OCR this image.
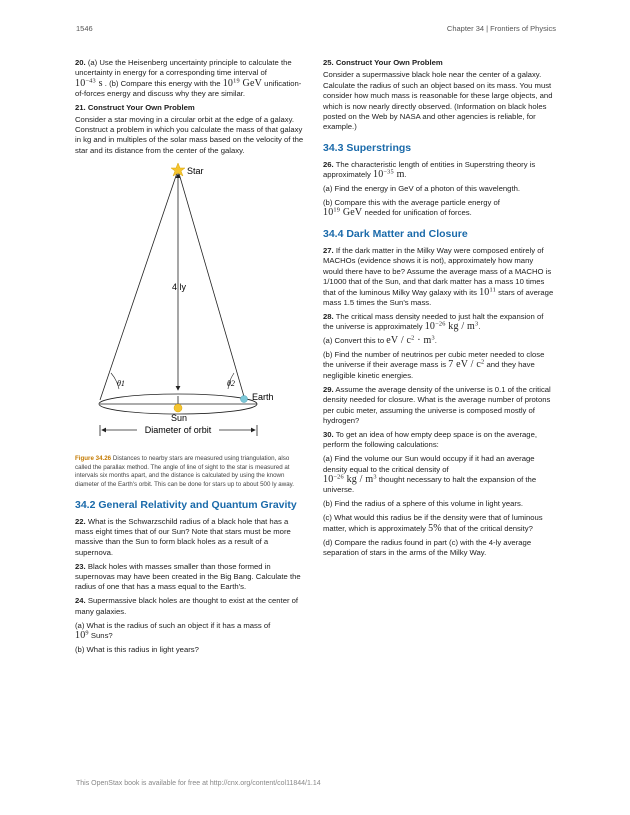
1546	Chapter 34 | Frontiers of Physics

20. (a) Use the Heisenberg uncertainty principle to calculate the uncertainty in energy for a corresponding time interval of
$10^{-43}$ s . (b) Compare this energy with the $10^{19}$ GeV unification-of-forces energy and discuss why they are similar.

21. Construct Your Own Problem

Consider a star moving in a circular orbit at the edge of a galaxy. Construct a problem in which you calculate the mass of that galaxy in kg and in multiples of the solar mass based on the velocity of the star and its distance from the center of the galaxy.

Star
4 ly
θ1	θ2
Earth
Sun
Diameter of orbit

Figure 34.26 Distances to nearby stars are measured using triangulation, also called the parallax method. The angle of line of sight to the star is measured at intervals six months apart, and the distance is calculated by using the known diameter of the Earth's orbit. This can be done for stars up to about 500 ly away.

34.2 General Relativity and Quantum Gravity

22. What is the Schwarzschild radius of a black hole that has a mass eight times that of our Sun? Note that stars must be more massive than the Sun to form black holes as a result of a supernova.

23. Black holes with masses smaller than those formed in supernovas may have been created in the Big Bang. Calculate the radius of one that has a mass equal to the Earth's.

24. Supermassive black holes are thought to exist at the center of many galaxies.

(a) What is the radius of such an object if it has a mass of
$10^9$ Suns?

(b) What is this radius in light years?

25. Construct Your Own Problem

Consider a supermassive black hole near the center of a galaxy. Calculate the radius of such an object based on its mass. You must consider how much mass is reasonable for these large objects, and which is now nearly directly observed. (Information on black holes posted on the Web by NASA and other agencies is reliable, for example.)

34.3 Superstrings

26. The characteristic length of entities in Superstring theory is approximately $10^{-35}$ m.

(a) Find the energy in GeV of a photon of this wavelength.

(b) Compare this with the average particle energy of
$10^{19}$ GeV needed for unification of forces.

34.4 Dark Matter and Closure

27. If the dark matter in the Milky Way were composed entirely of MACHOs (evidence shows it is not), approximately how many would there have to be? Assume the average mass of a MACHO is 1/1000 that of the Sun, and that dark matter has a mass 10 times that of the luminous Milky Way galaxy with its $10^{11}$ stars of average mass 1.5 times the Sun's mass.

28. The critical mass density needed to just halt the expansion of the universe is approximately $10^{-26}$ kg / $m^3$.

(a) Convert this to eV / $c^2 \cdot m^3$.

(b) Find the number of neutrinos per cubic meter needed to close the universe if their average mass is 7 eV / $c^2$ and they have negligible kinetic energies.

29. Assume the average density of the universe is 0.1 of the critical density needed for closure. What is the average number of protons per cubic meter, assuming the universe is composed mostly of hydrogen?

30. To get an idea of how empty deep space is on the average, perform the following calculations:

(a) Find the volume our Sun would occupy if it had an average density equal to the critical density of
$10^{-26}$ kg / $m^3$ thought necessary to halt the expansion of the universe.

(b) Find the radius of a sphere of this volume in light years.

(c) What would this radius be if the density were that of luminous matter, which is approximately 5% that of the critical density?

(d) Compare the radius found in part (c) with the 4-ly average separation of stars in the arms of the Milky Way.

This OpenStax book is available for free at http://cnx.org/content/col11844/1.14
